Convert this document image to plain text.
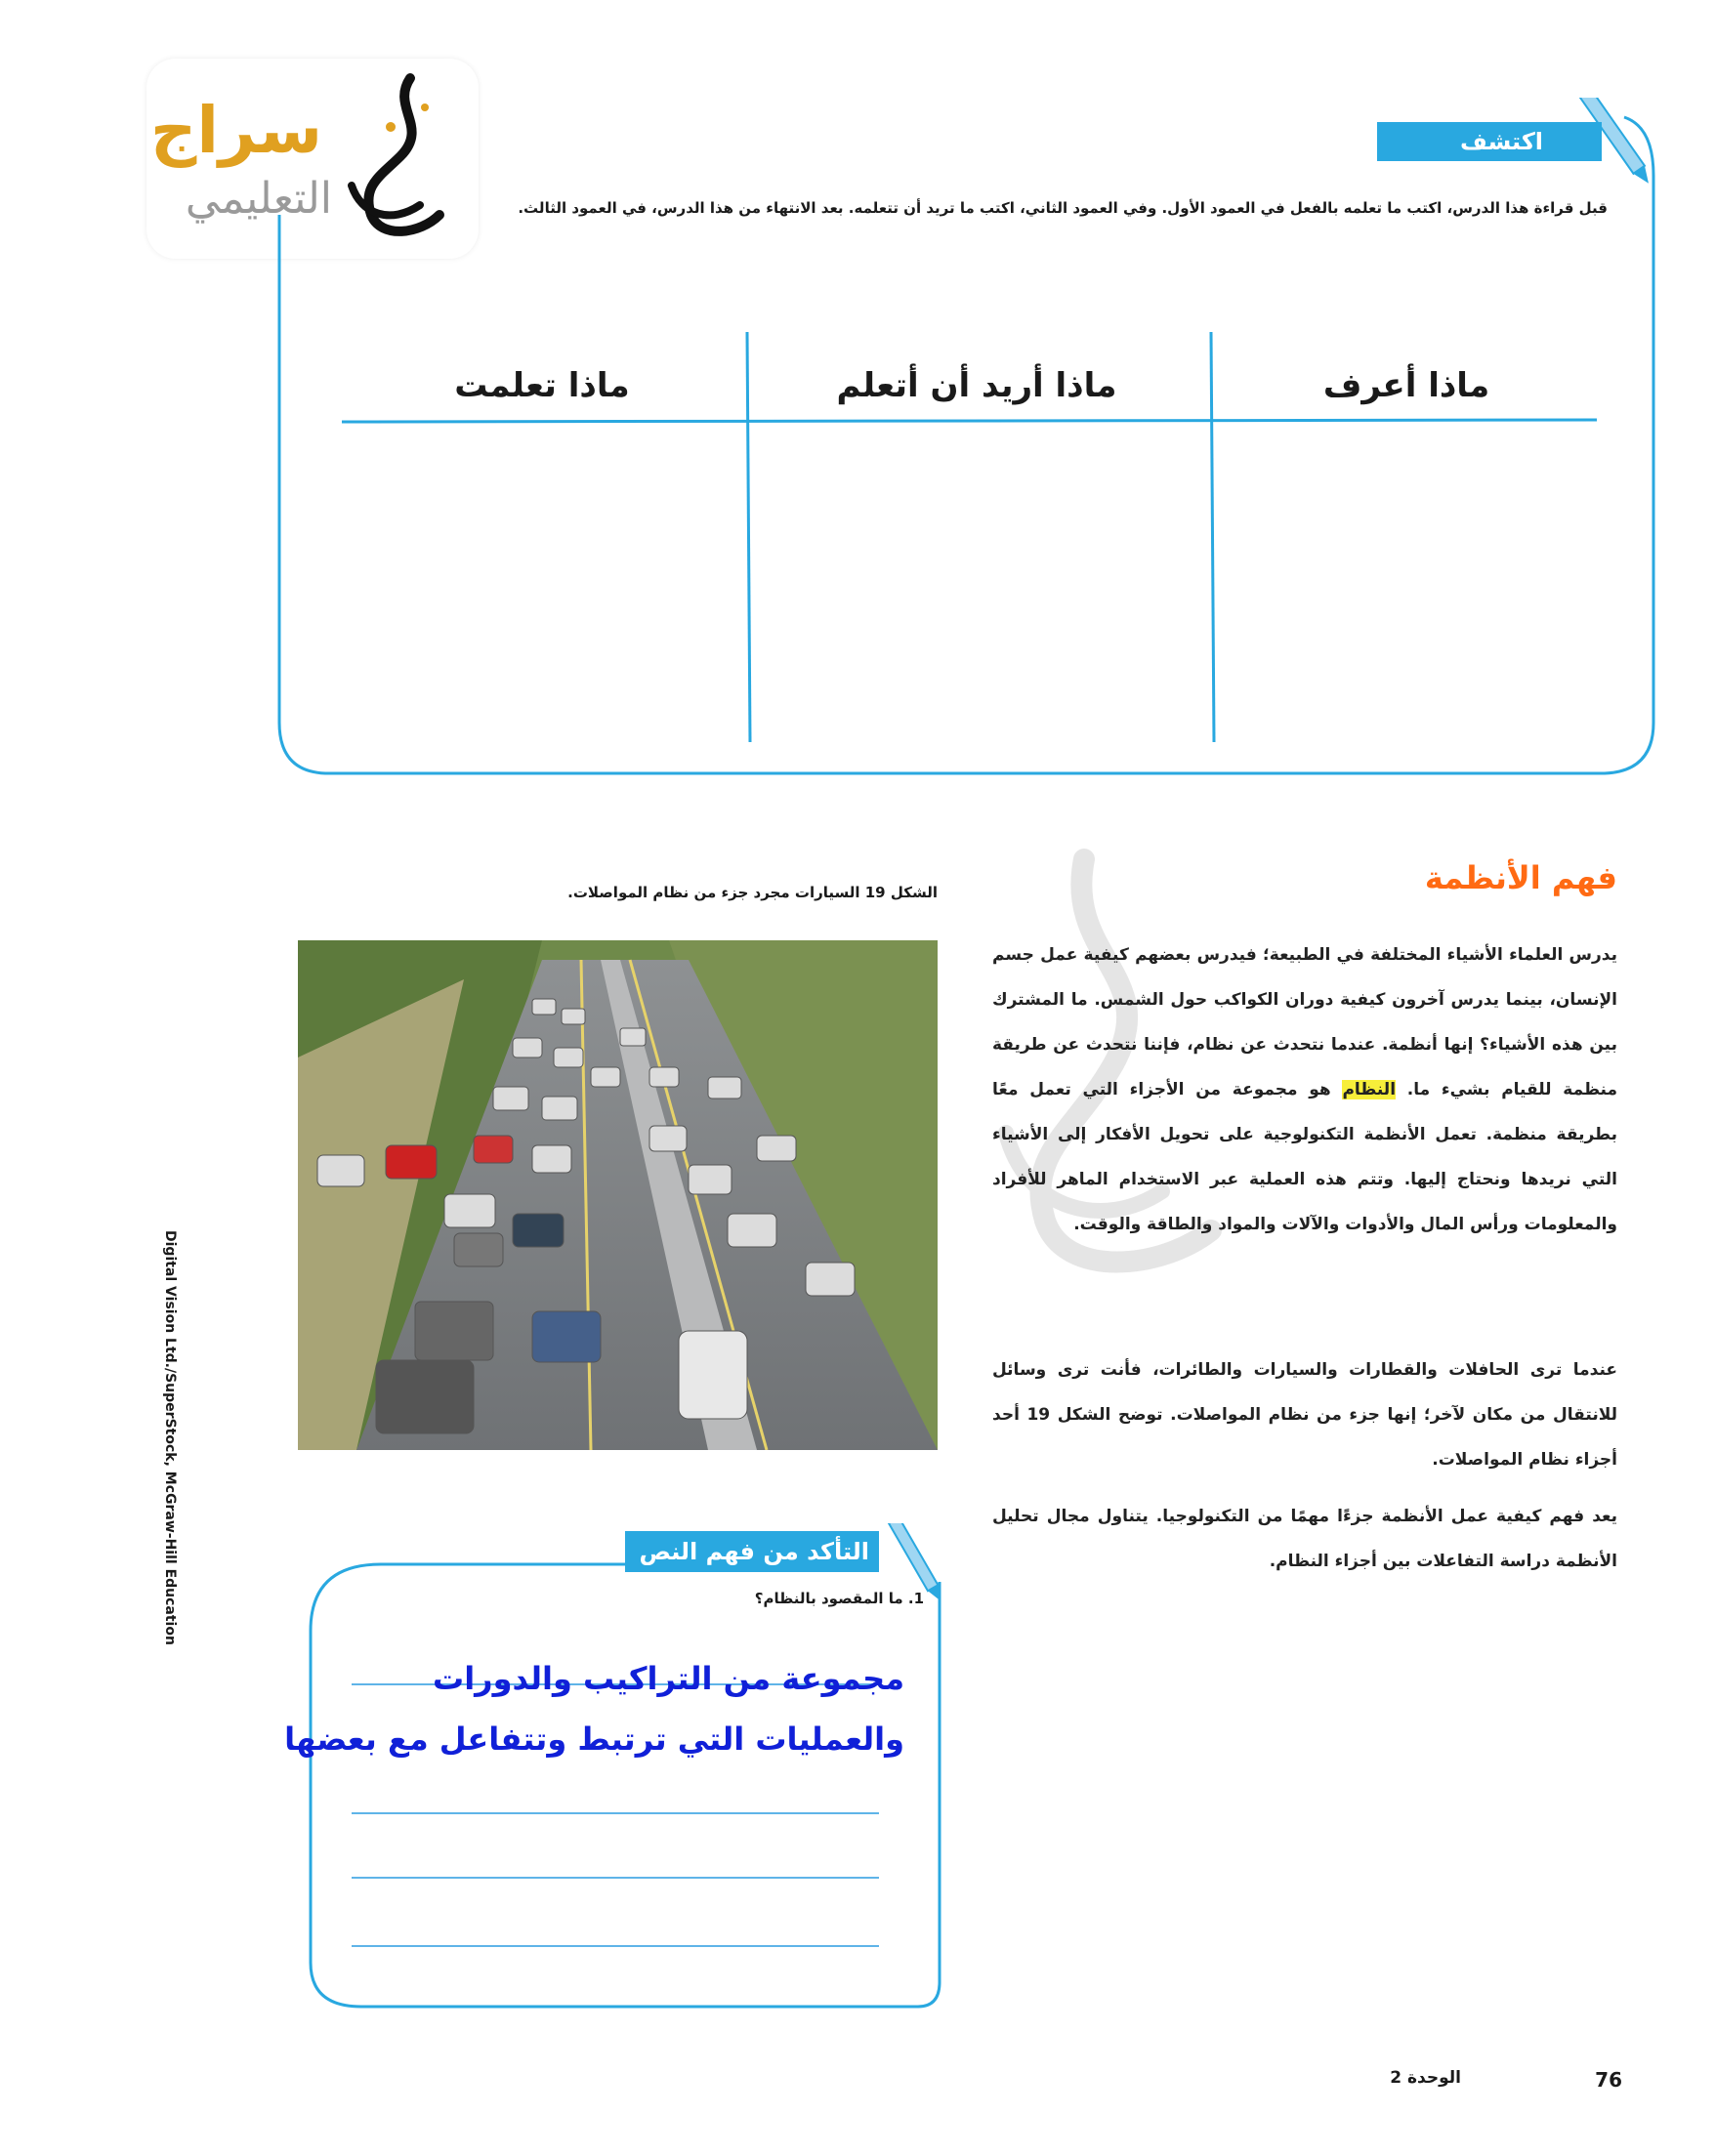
سراج
التعليمي
اكتشف
قبل قراءة هذا الدرس، اكتب ما تعلمه بالفعل في العمود الأول. وفي العمود الثاني، اكتب ما تريد أن تتعلمه. بعد الانتهاء من هذا الدرس، في العمود الثالث.
ماذا أعرف
ماذا أريد أن أتعلم
ماذا تعلمت
الشكل 19 السيارات مجرد جزء من نظام المواصلات.	فهم الأنظمة
يدرس العلماء الأشياء المختلفة في الطبيعة؛ فيدرس بعضهم كيفية عمل جسم الإنسان، بينما يدرس آخرون كيفية دوران الكواكب حول الشمس. ما المشترك بين هذه الأشياء؟ إنها أنظمة. عندما نتحدث عن نظام، فإننا نتحدث عن طريقة منظمة للقيام بشيء ما. النظام هو مجموعة من الأجزاء التي تعمل معًا بطريقة منظمة. تعمل الأنظمة التكنولوجية على تحويل الأفكار إلى الأشياء التي نريدها ونحتاج إليها. وتتم هذه العملية عبر الاستخدام الماهر للأفراد والمعلومات ورأس المال والأدوات والآلات والمواد والطاقة والوقت.
عندما ترى الحافلات والقطارات والسيارات والطائرات، فأنت ترى وسائل للانتقال من مكان لآخر؛ إنها جزء من نظام المواصلات. توضح الشكل 19 أحد أجزاء نظام المواصلات.
يعد فهم كيفية عمل الأنظمة جزءًا مهمًا من التكنولوجيا. يتناول مجال تحليل الأنظمة دراسة التفاعلات بين أجزاء النظام.
التأكد من فهم النص
1. ما المقصود بالنظام؟
مجموعة من التراكيب والدورات
والعمليات التي ترتبط وتتفاعل مع بعضها
Digital Vision Ltd./SuperStock, McGraw-Hill Education
76
الوحدة 2
